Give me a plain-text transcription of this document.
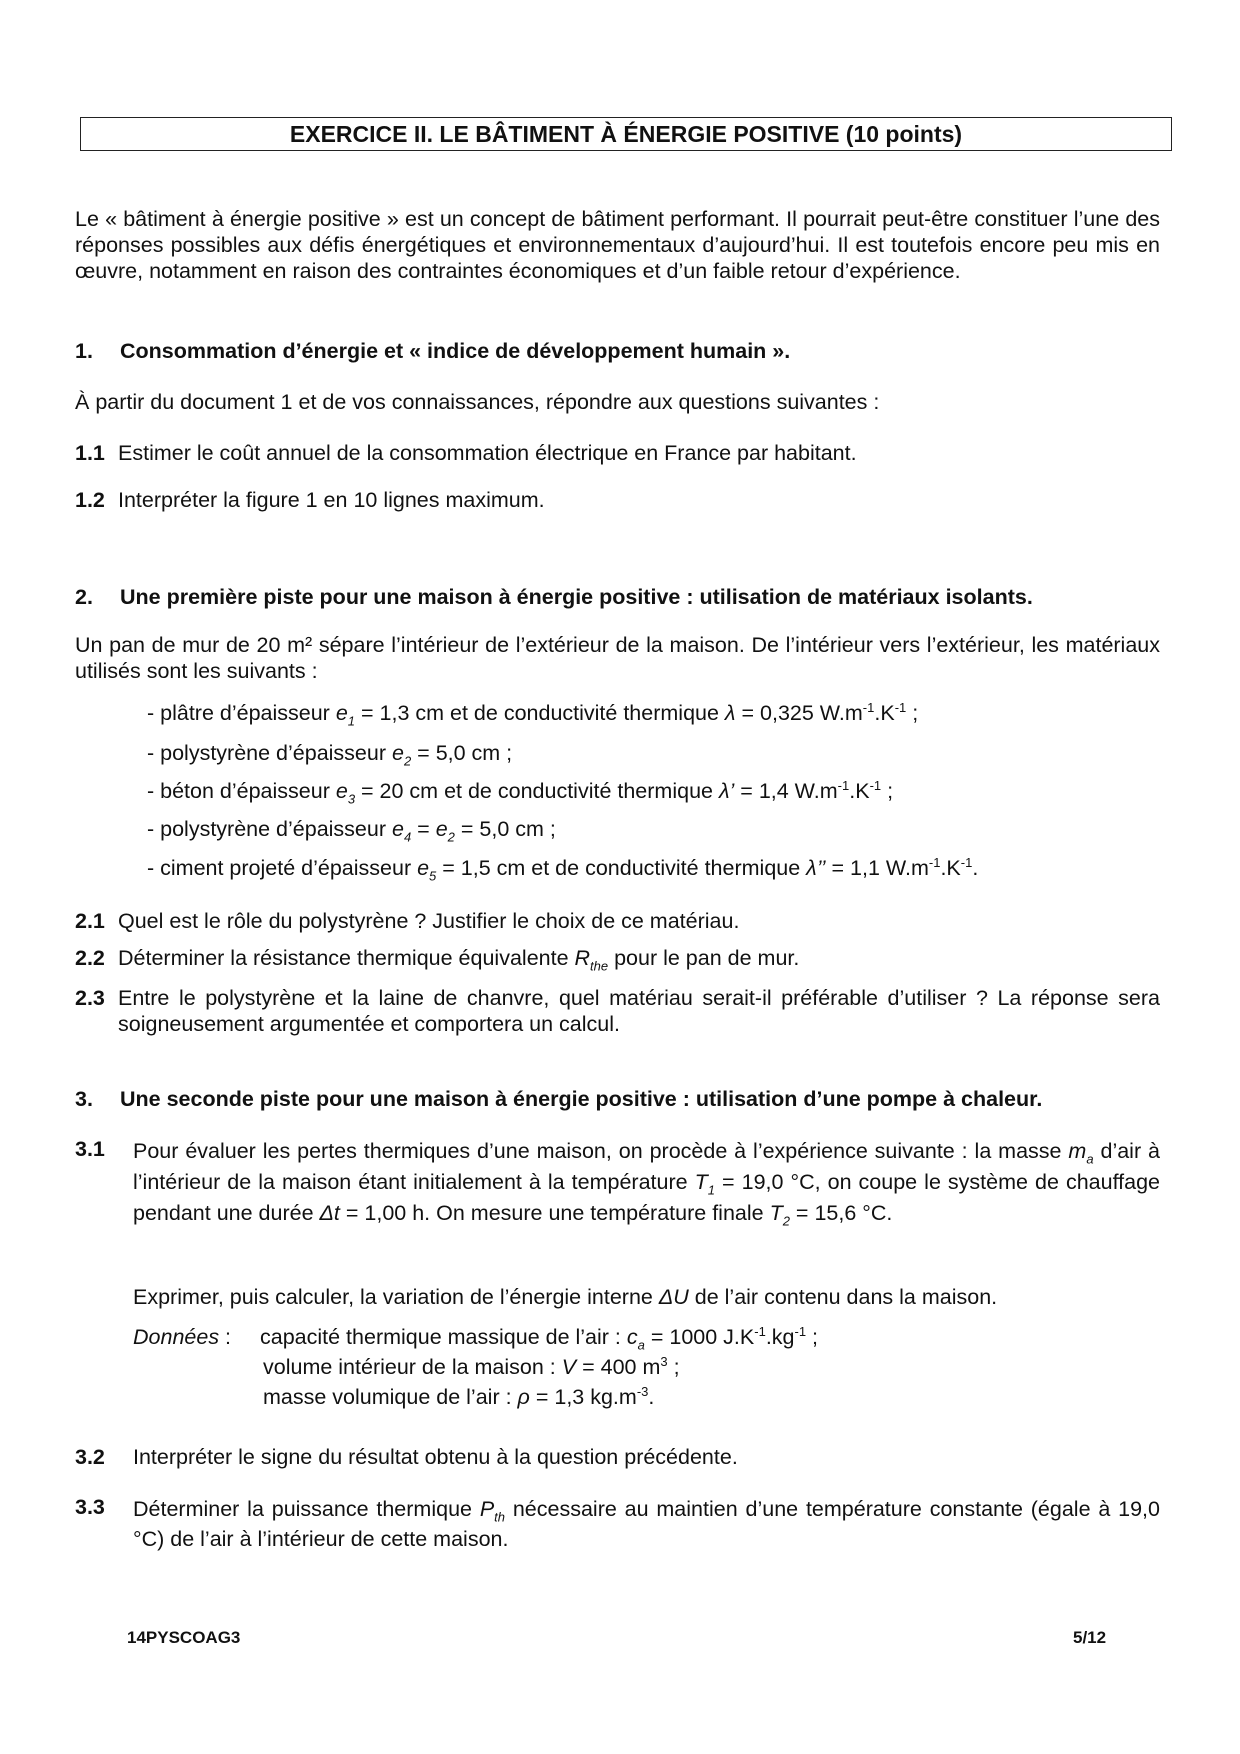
EXERCICE II. LE BÂTIMENT À ÉNERGIE POSITIVE (10 points)
Le « bâtiment à énergie positive » est un concept de bâtiment performant. Il pourrait peut-être constituer l’une des réponses possibles aux défis énergétiques et environnementaux d’aujourd’hui. Il est toutefois encore peu mis en œuvre, notamment en raison des contraintes économiques et d’un faible retour d’expérience.
1. Consommation d’énergie et « indice de développement humain ».
À partir du document 1 et de vos connaissances, répondre aux questions suivantes :
1.1 Estimer le coût annuel de la consommation électrique en France par habitant.
1.2 Interpréter la figure 1 en 10 lignes maximum.
2. Une première piste pour une maison à énergie positive : utilisation de matériaux isolants.
Un pan de mur de 20 m² sépare l’intérieur de l’extérieur de la maison. De l’intérieur vers l’extérieur, les matériaux utilisés sont les suivants :
- plâtre d’épaisseur $e_1 = 1,3$ cm et de conductivité thermique λ = 0,325 $W.m^{-1}.K^{-1}$ ;
- polystyrène d’épaisseur $e_2 = 5,0$ cm ;
- béton d’épaisseur $e_3 = 20$ cm et de conductivité thermique λ’ = 1,4 $W.m^{-1}.K^{-1}$ ;
- polystyrène d’épaisseur $e_4 = e_2 = 5,0$ cm ;
- ciment projeté d’épaisseur $e_5 = 1,5$ cm et de conductivité thermique λ’’ = 1,1 $W.m^{-1}.K^{-1}$.
2.1 Quel est le rôle du polystyrène ? Justifier le choix de ce matériau.
2.2 Déterminer la résistance thermique équivalente $R_{the}$ pour le pan de mur.
2.3 Entre le polystyrène et la laine de chanvre, quel matériau serait-il préférable d’utiliser ? La réponse sera soigneusement argumentée et comportera un calcul.
3. Une seconde piste pour une maison à énergie positive : utilisation d’une pompe à chaleur.
3.1 Pour évaluer les pertes thermiques d’une maison, on procède à l’expérience suivante : la masse $m_a$ d’air à l’intérieur de la maison étant initialement à la température $T_1 = 19,0$ °C, on coupe le système de chauffage pendant une durée Δt = 1,00 h. On mesure une température finale $T_2 = 15,6$ °C.
Exprimer, puis calculer, la variation de l’énergie interne ΔU de l’air contenu dans la maison.
Données : capacité thermique massique de l’air : $c_a = 1000$ $J.K^{-1}.kg^{-1}$ ;
volume intérieur de la maison : V = 400 $m^3$ ;
masse volumique de l’air : ρ = 1,3 $kg.m^{-3}$.
3.2 Interpréter le signe du résultat obtenu à la question précédente.
3.3 Déterminer la puissance thermique $P_{th}$ nécessaire au maintien d’une température constante (égale à 19,0 °C) de l’air à l’intérieur de cette maison.
14PYSCOAG3	5/12
